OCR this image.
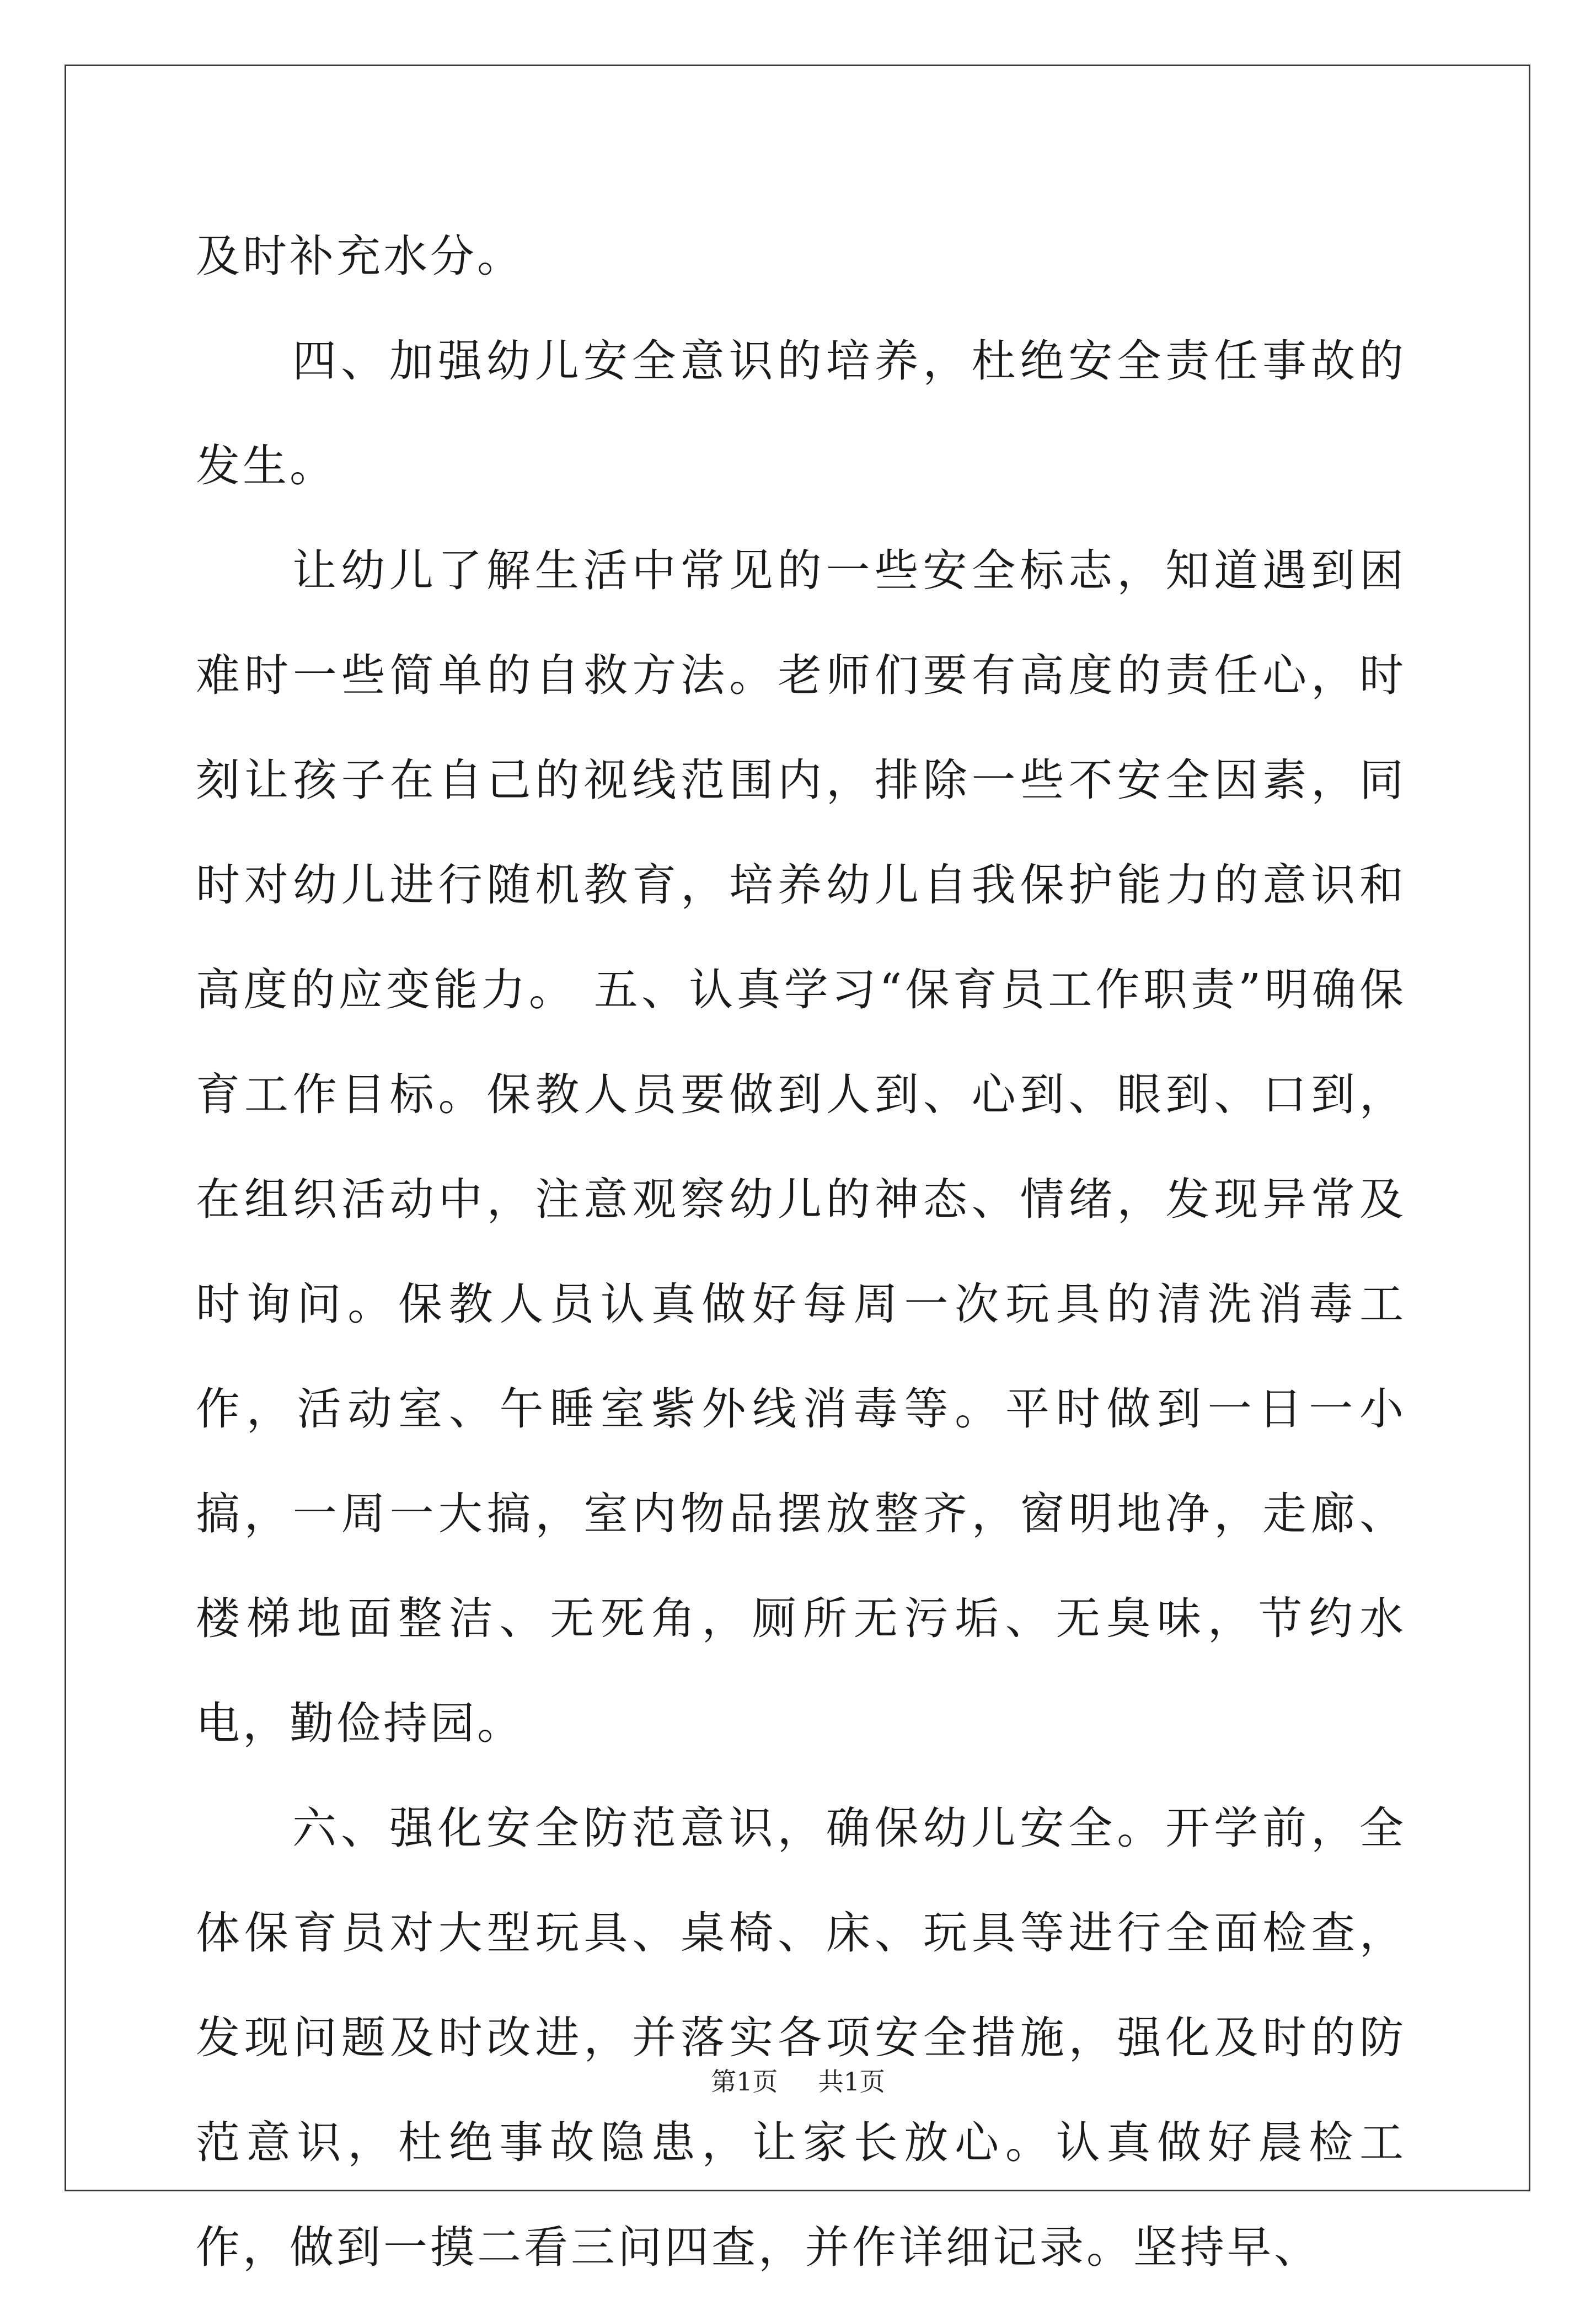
及时补充水分。

四、加强幼儿安全意识的培养，杜绝安全责任事故的发生。

让幼儿了解生活中常见的一些安全标志，知道遇到困难时一些简单的自救方法。老师们要有高度的责任心，时刻让孩子在自己的视线范围内，排除一些不安全因素，同时对幼儿进行随机教育，培养幼儿自我保护能力的意识和高度的应变能力。 五、认真学习“保育员工作职责”明确保育工作目标。保教人员要做到人到、心到、眼到、口到，在组织活动中，注意观察幼儿的神态、情绪，发现异常及时询问。保教人员认真做好每周一次玩具的清洗消毒工作，活动室、午睡室紫外线消毒等。平时做到一日一小搞，一周一大搞，室内物品摆放整齐，窗明地净，走廊、楼梯地面整洁、无死角，厕所无污垢、无臭味，节约水电，勤俭持园。

六、强化安全防范意识，确保幼儿安全。开学前，全体保育员对大型玩具、桌椅、床、玩具等进行全面检查，发现问题及时改进，并落实各项安全措施，强化及时的防范意识，杜绝事故隐患，让家长放心。认真做好晨检工作，做到一摸二看三问四查，并作详细记录。坚持早、

第1页 共1页
